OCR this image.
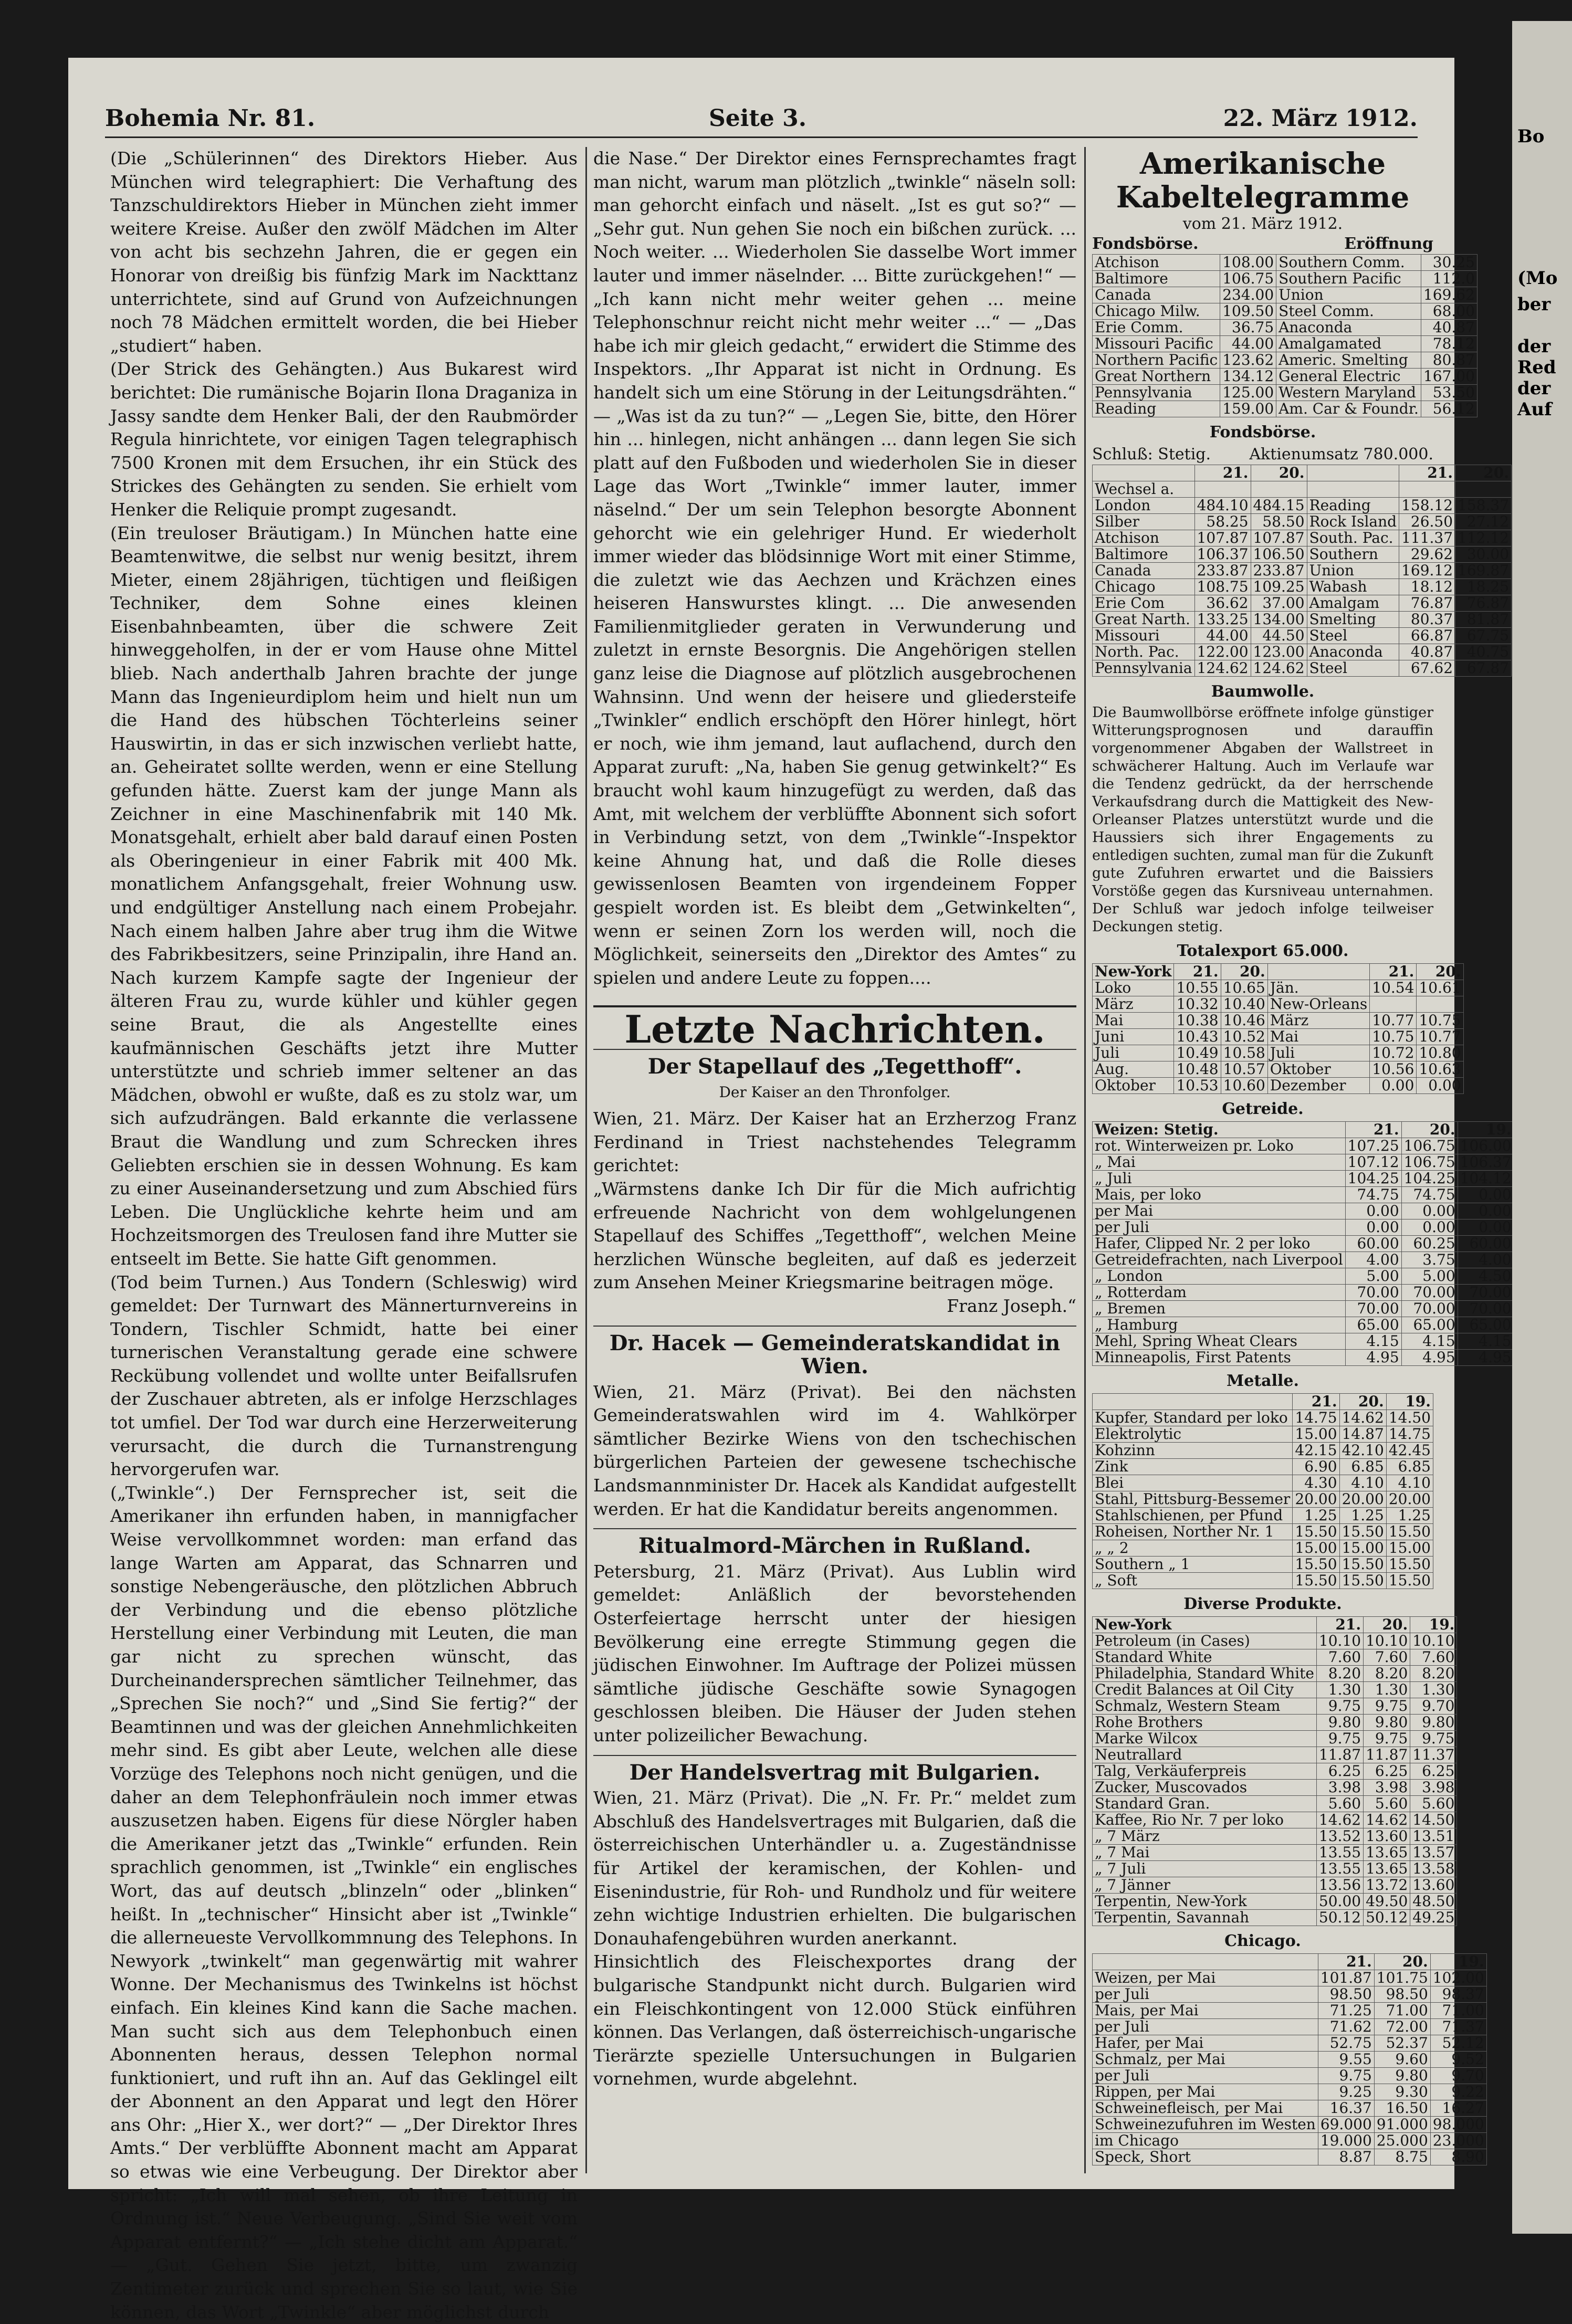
Bohemia Nr. 81.	Seite 3.	22. März 1912.

(Die „Schülerinnen“ des Direktors Hieber. Aus München wird telegraphiert: Die Verhaftung des Tanzschuldirektors Hieber in München zieht immer weitere Kreise. Außer den zwölf Mädchen im Alter von acht bis sechzehn Jahren, die er gegen ein Honorar von dreißig bis fünfzig Mark im Nackttanz unterrichtete, sind auf Grund von Aufzeichnungen noch 78 Mädchen ermittelt worden, die bei Hieber „studiert“ haben.

(Der Strick des Gehängten.) Aus Bukarest wird berichtet: Die rumänische Bojarin Ilona Draganiza in Jassy sandte dem Henker Bali, der den Raubmörder Regula hinrichtete, vor einigen Tagen telegraphisch 7500 Kronen mit dem Ersuchen, ihr ein Stück des Strickes des Gehängten zu senden. Sie erhielt vom Henker die Reliquie prompt zugesandt.

(Ein treuloser Bräutigam.) In München hatte eine Beamtenwitwe, die selbst nur wenig besitzt, ihrem Mieter, einem 28jährigen, tüchtigen und fleißigen Techniker, dem Sohne eines kleinen Eisenbahnbeamten, über die schwere Zeit hinweggeholfen, in der er vom Hause ohne Mittel blieb. Nach anderthalb Jahren brachte der junge Mann das Ingenieurdiplom heim und hielt nun um die Hand des hübschen Töchterleins seiner Hauswirtin, in das er sich inzwischen verliebt hatte, an. Geheiratet sollte werden, wenn er eine Stellung gefunden hätte. Zuerst kam der junge Mann als Zeichner in eine Maschinenfabrik mit 140 Mk. Monatsgehalt, erhielt aber bald darauf einen Posten als Oberingenieur in einer Fabrik mit 400 Mk. monatlichem Anfangsgehalt, freier Wohnung usw. und endgültiger Anstellung nach einem Probejahr. Nach einem halben Jahre aber trug ihm die Witwe des Fabrikbesitzers, seine Prinzipalin, ihre Hand an. Nach kurzem Kampfe sagte der Ingenieur der älteren Frau zu, wurde kühler und kühler gegen seine Braut, die als Angestellte eines kaufmännischen Geschäfts jetzt ihre Mutter unterstützte und schrieb immer seltener an das Mädchen, obwohl er wußte, daß es zu stolz war, um sich aufzudrängen. Bald erkannte die verlassene Braut die Wandlung und zum Schrecken ihres Geliebten erschien sie in dessen Wohnung. Es kam zu einer Auseinandersetzung und zum Abschied fürs Leben. Die Unglückliche kehrte heim und am Hochzeitsmorgen des Treulosen fand ihre Mutter sie entseelt im Bette. Sie hatte Gift genommen.

(Tod beim Turnen.) Aus Tondern (Schleswig) wird gemeldet: Der Turnwart des Männerturnvereins in Tondern, Tischler Schmidt, hatte bei einer turnerischen Veranstaltung gerade eine schwere Reckübung vollendet und wollte unter Beifallsrufen der Zuschauer abtreten, als er infolge Herzschlages tot umfiel. Der Tod war durch eine Herzerweiterung verursacht, die durch die Turnanstrengung hervorgerufen war.

(„Twinkle“.) Der Fernsprecher ist, seit die Amerikaner ihn erfunden haben, in mannigfacher Weise vervollkommnet worden: man erfand das lange Warten am Apparat, das Schnarren und sonstige Nebengeräusche, den plötzlichen Abbruch der Verbindung und die ebenso plötzliche Herstellung einer Verbindung mit Leuten, die man gar nicht zu sprechen wünscht, das Durcheinandersprechen sämtlicher Teilnehmer, das „Sprechen Sie noch?“ und „Sind Sie fertig?“ der Beamtinnen und was der gleichen Annehmlichkeiten mehr sind. Es gibt aber Leute, welchen alle diese Vorzüge des Telephons noch nicht genügen, und die daher an dem Telephonfräulein noch immer etwas auszusetzen haben. Eigens für diese Nörgler haben die Amerikaner jetzt das „Twinkle“ erfunden. Rein sprachlich genommen, ist „Twinkle“ ein englisches Wort, das auf deutsch „blinzeln“ oder „blinken“ heißt. In „technischer“ Hinsicht aber ist „Twinkle“ die allerneueste Vervollkommnung des Telephons. In Newyork „twinkelt“ man gegenwärtig mit wahrer Wonne. Der Mechanismus des Twinkelns ist höchst einfach. Ein kleines Kind kann die Sache machen. Man sucht sich aus dem Telephonbuch einen Abonnenten heraus, dessen Telephon normal funktioniert, und ruft ihn an. Auf das Geklingel eilt der Abonnent an den Apparat und legt den Hörer ans Ohr: „Hier X., wer dort?“ — „Der Direktor Ihres Amts.“ Der verblüffte Abonnent macht am Apparat so etwas wie eine Verbeugung. Der Direktor aber spricht: „Ich will mal sehen, ob ihre Leitung in Ordnung ist.“ Neue Verbeugung. „Sind Sie weit vom Apparat entfernt?“ — „Ich stehe dicht am Apparat.“ — „Gut. Gehen Sie jetzt, bitte, um zwanzig Zentimeter zurück und sprechen Sie so laut, wie Sie können, das Wort „Twinkle“ aber möglichst durch

die Nase.“ Der Direktor eines Fernsprechamtes fragt man nicht, warum man plötzlich „twinkle“ näseln soll: man gehorcht einfach und näselt. „Ist es gut so?“ — „Sehr gut. Nun gehen Sie noch ein bißchen zurück. ... Noch weiter. ... Wiederholen Sie dasselbe Wort immer lauter und immer näselnder. ... Bitte zurückgehen!“ — „Ich kann nicht mehr weiter gehen ... meine Telephonschnur reicht nicht mehr weiter ...“ — „Das habe ich mir gleich gedacht,“ erwidert die Stimme des Inspektors. „Ihr Apparat ist nicht in Ordnung. Es handelt sich um eine Störung in der Leitungsdrähten.“ — „Was ist da zu tun?“ — „Legen Sie, bitte, den Hörer hin ... hinlegen, nicht anhängen ... dann legen Sie sich platt auf den Fußboden und wiederholen Sie in dieser Lage das Wort „Twinkle“ immer lauter, immer näselnd.“ Der um sein Telephon besorgte Abonnent gehorcht wie ein gelehriger Hund. Er wiederholt immer wieder das blödsinnige Wort mit einer Stimme, die zuletzt wie das Aechzen und Krächzen eines heiseren Hanswurstes klingt. ... Die anwesenden Familienmitglieder geraten in Verwunderung und zuletzt in ernste Besorgnis. Die Angehörigen stellen ganz leise die Diagnose auf plötzlich ausgebrochenen Wahnsinn. Und wenn der heisere und gliedersteife „Twinkler“ endlich erschöpft den Hörer hinlegt, hört er noch, wie ihm jemand, laut auflachend, durch den Apparat zuruft: „Na, haben Sie genug getwinkelt?“ Es braucht wohl kaum hinzugefügt zu werden, daß das Amt, mit welchem der verblüffte Abonnent sich sofort in Verbindung setzt, von dem „Twinkle“-Inspektor keine Ahnung hat, und daß die Rolle dieses gewissenlosen Beamten von irgendeinem Fopper gespielt worden ist. Es bleibt dem „Getwinkelten“, wenn er seinen Zorn los werden will, noch die Möglichkeit, seinerseits den „Direktor des Amtes“ zu spielen und andere Leute zu foppen....

Letzte Nachrichten.
Der Stapellauf des „Tegetthoff“.
Der Kaiser an den Thronfolger.

Wien, 21. März. Der Kaiser hat an Erzherzog Franz Ferdinand in Triest nachstehendes Telegramm gerichtet:

„Wärmstens danke Ich Dir für die Mich aufrichtig erfreuende Nachricht von dem wohlgelungenen Stapellauf des Schiffes „Tegetthoff“, welchen Meine herzlichen Wünsche begleiten, auf daß es jederzeit zum Ansehen Meiner Kriegsmarine beitragen möge.

Franz Joseph.“

Dr. Hacek — Gemeinderatskandidat in Wien.

Wien, 21. März (Privat). Bei den nächsten Gemeinderatswahlen wird im 4. Wahlkörper sämtlicher Bezirke Wiens von den tschechischen bürgerlichen Parteien der gewesene tschechische Landsmannminister Dr. Hacek als Kandidat aufgestellt werden. Er hat die Kandidatur bereits angenommen.

Ritualmord-Märchen in Rußland.

Petersburg, 21. März (Privat). Aus Lublin wird gemeldet: Anläßlich der bevorstehenden Osterfeiertage herrscht unter der hiesigen Bevölkerung eine erregte Stimmung gegen die jüdischen Einwohner. Im Auftrage der Polizei müssen sämtliche jüdische Geschäfte sowie Synagogen geschlossen bleiben. Die Häuser der Juden stehen unter polizeilicher Bewachung.

Der Handelsvertrag mit Bulgarien.

Wien, 21. März (Privat). Die „N. Fr. Pr.“ meldet zum Abschluß des Handelsvertrages mit Bulgarien, daß die österreichischen Unterhändler u. a. Zugeständnisse für Artikel der keramischen, der Kohlen- und Eisenindustrie, für Roh- und Rundholz und für weitere zehn wichtige Industrien erhielten. Die bulgarischen Donauhafengebühren wurden anerkannt.

Hinsichtlich des Fleischexportes drang der bulgarische Standpunkt nicht durch. Bulgarien wird ein Fleischkontingent von 12.000 Stück einführen können. Das Verlangen, daß österreichisch-ungarische Tierärzte spezielle Untersuchungen in Bulgarien vornehmen, wurde abgelehnt.

Amerikanische Kabeltelegramme
vom 21. März 1912.
Fondsbörse.	Eröffnung
Atchison	108.00	Southern Comm.	30.25
Baltimore	106.75	Southern Pacific	112.0
Canada	234.00	Union	169.62
Chicago Milw.	109.50	Steel Comm.	68.00
Erie Comm.	36.75	Anaconda	40.87
Missouri Pacific	44.00	Amalgamated	78.12
Northern Pacific	123.62	Americ. Smelting	80.87
Great Northern	134.12	General Electric	167.00
Pennsylvania	125.00	Western Maryland	53.50
Reading	159.00	Am. Car & Foundr.	56.12
Fondsbörse.
Schluß: Stetig. Aktienumsatz 780.000.
	21.	20.		21.	20.
Wechsel a.					
London	484.10	484.15	Reading	158.12	158.37
Silber	58.25	58.50	Rock Island	26.50	27.12
Atchison	107.87	107.87	South. Pac.	111.37	112.12
Baltimore	106.37	106.50	Southern	29.62	30.00
Canada	233.87	233.87	Union	169.12	169.87
Chicago	108.75	109.25	Wabash	18.12	18.25
Erie Com	36.62	37.00	Amalgam	76.87	76.87
Great Narth.	133.25	134.00	Smelting	80.37	81.87
Missouri	44.00	44.50	Steel	66.87	67.75
North. Pac.	122.00	123.00	Anaconda	40.87	40.75
Pennsylvania	124.62	124.62	Steel	67.62	67.87
Baumwolle.

Die Baumwollbörse eröffnete infolge günstiger Witterungsprognosen und darauffin vorgenommener Abgaben der Wallstreet in schwächerer Haltung. Auch im Verlaufe war die Tendenz gedrückt, da der herrschende Verkaufsdrang durch die Mattigkeit des New-Orleanser Platzes unterstützt wurde und die Haussiers sich ihrer Engagements zu entledigen suchten, zumal man für die Zukunft gute Zufuhren erwartet und die Baissiers Vorstöße gegen das Kursniveau unternahmen. Der Schluß war jedoch infolge teilweiser Deckungen stetig.

Totalexport 65.000.
New-York	21.	20.		21.	20.
Loko	10.55	10.65	Jän.	10.54	10.61
März	10.32	10.40	New-Orleans		
Mai	10.38	10.46	März	10.77	10.75
Juni	10.43	10.52	Mai	10.75	10.77
Juli	10.49	10.58	Juli	10.72	10.80
Aug.	10.48	10.57	Oktober	10.56	10.63
Oktober	10.53	10.60	Dezember	0.00	0.00
Getreide.
Weizen: Stetig.	21.	20.	19.
rot. Winterweizen pr. Loko	107.25	106.75	106.00
„ Mai	107.12	106.75	106.37
„ Juli	104.25	104.25	104.12
Mais, per loko	74.75	74.75	0.00
per Mai	0.00	0.00	0.00
per Juli	0.00	0.00	0.00
Hafer, Clipped Nr. 2 per loko	60.00	60.25	60.00
Getreidefrachten, nach Liverpool	4.00	3.75	4.00
„ London	5.00	5.00	4.50
„ Rotterdam	70.00	70.00	70.00
„ Bremen	70.00	70.00	70.00
„ Hamburg	65.00	65.00	65.00
Mehl, Spring Wheat Clears	4.15	4.15	4.15
Minneapolis, First Patents	4.95	4.95	4.95
Metalle.
	21.	20.	19.
Kupfer, Standard per loko	14.75	14.62	14.50
Elektrolytic	15.00	14.87	14.75
Kohzinn	42.15	42.10	42.45
Zink	6.90	6.85	6.85
Blei	4.30	4.10	4.10
Stahl, Pittsburg-Bessemer	20.00	20.00	20.00
Stahlschienen, per Pfund	1.25	1.25	1.25
Roheisen, Norther Nr. 1	15.50	15.50	15.50
„ „ 2	15.00	15.00	15.00
Southern „ 1	15.50	15.50	15.50
„ Soft	15.50	15.50	15.50
Diverse Produkte.
New-York	21.	20.	19.
Petroleum (in Cases)	10.10	10.10	10.10
Standard White	7.60	7.60	7.60
Philadelphia, Standard White	8.20	8.20	8.20
Credit Balances at Oil City	1.30	1.30	1.30
Schmalz, Western Steam	9.75	9.75	9.70
Rohe Brothers	9.80	9.80	9.80
Marke Wilcox	9.75	9.75	9.75
Neutrallard	11.87	11.87	11.37
Talg, Verkäuferpreis	6.25	6.25	6.25
Zucker, Muscovados	3.98	3.98	3.98
Standard Gran.	5.60	5.60	5.60
Kaffee, Rio Nr. 7 per loko	14.62	14.62	14.50
„ 7 März	13.52	13.60	13.51
„ 7 Mai	13.55	13.65	13.57
„ 7 Juli	13.55	13.65	13.58
„ 7 Jänner	13.56	13.72	13.60
Terpentin, New-York	50.00	49.50	48.50
Terpentin, Savannah	50.12	50.12	49.25
Chicago.
	21.	20.	19.
Weizen, per Mai	101.87	101.75	102.00
per Juli	98.50	98.50	98.37
Mais, per Mai	71.25	71.00	71.00
per Juli	71.62	72.00	71.37
Hafer, per Mai	52.75	52.37	52.12
Schmalz, per Mai	9.55	9.60	9.52
per Juli	9.75	9.80	9.70
Rippen, per Mai	9.25	9.30	9.22
Schweinefleisch, per Mai	16.37	16.50	16.27
Schweinezufuhren im Westen	69.000	91.000	98.000
im Chicago	19.000	25.000	23.000
Speck, Short	8.87	8.75	8.90
Bo
(Mo
ber
der
Red
der
Auf
